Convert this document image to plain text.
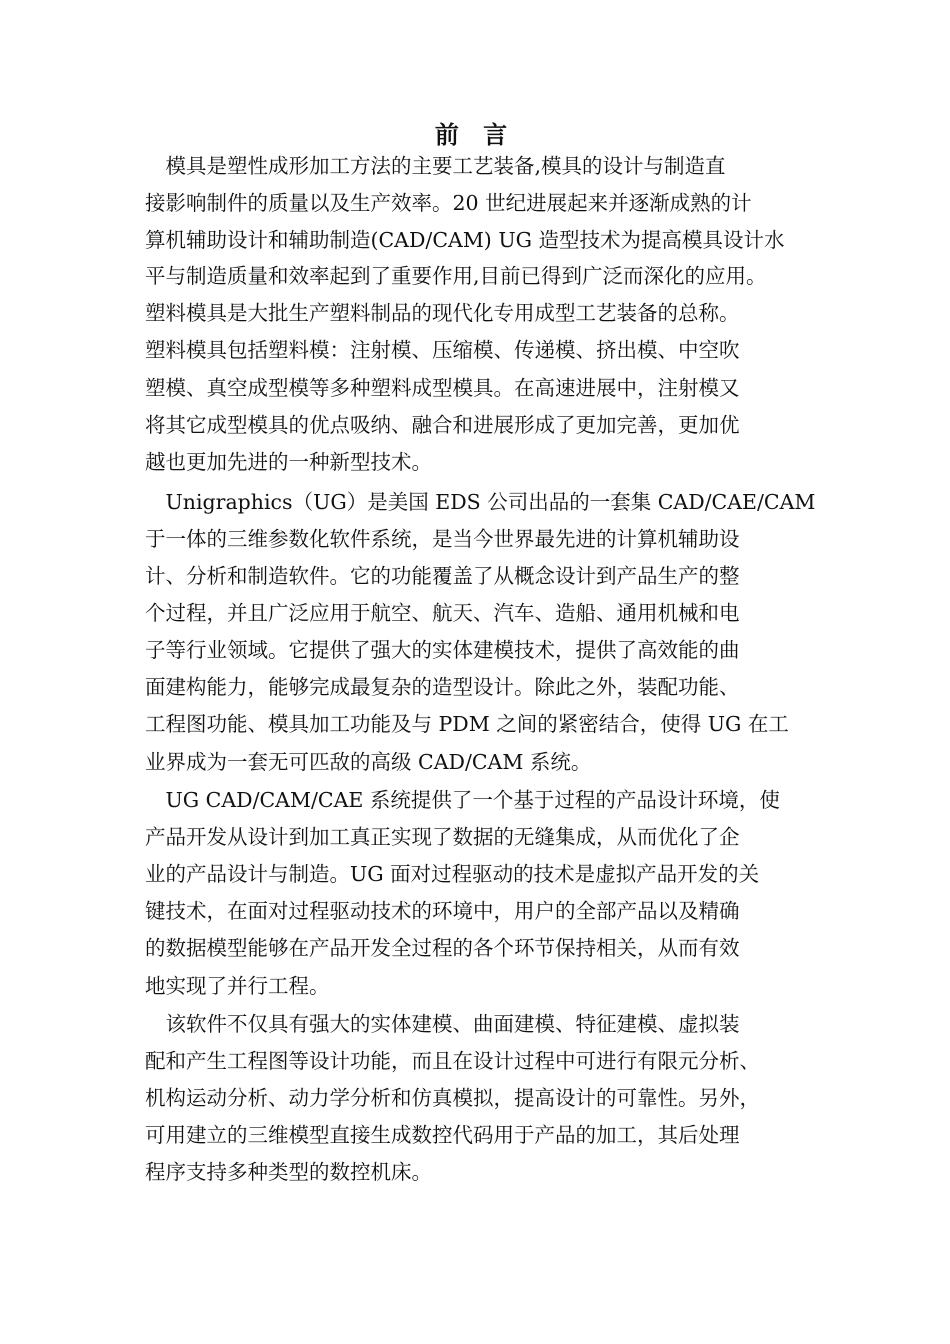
前 言
　模具是塑性成形加工方法的主要工艺装备,模具的设计与制造直
接影响制件的质量以及生产效率。20 世纪进展起来并逐渐成熟的计
算机辅助设计和辅助制造(CAD/CAM) UG 造型技术为提高模具设计水
平与制造质量和效率起到了重要作用,目前已得到广泛而深化的应用。
塑料模具是大批生产塑料制品的现代化专用成型工艺装备的总称。
塑料模具包括塑料模：注射模、压缩模、传递模、挤出模、中空吹
塑模、真空成型模等多种塑料成型模具。在高速进展中，注射模又
将其它成型模具的优点吸纳、融合和进展形成了更加完善，更加优
越也更加先进的一种新型技术。
　Unigraphics（UG）是美国 EDS 公司出品的一套集 CAD/CAE/CAM
于一体的三维参数化软件系统，是当今世界最先进的计算机辅助设
计、分析和制造软件。它的功能覆盖了从概念设计到产品生产的整
个过程，并且广泛应用于航空、航天、汽车、造船、通用机械和电
子等行业领域。它提供了强大的实体建模技术，提供了高效能的曲
面建构能力，能够完成最复杂的造型设计。除此之外，装配功能、
工程图功能、模具加工功能及与 PDM 之间的紧密结合，使得 UG 在工
业界成为一套无可匹敌的高级 CAD/CAM 系统。
　UG CAD/CAM/CAE 系统提供了一个基于过程的产品设计环境，使
产品开发从设计到加工真正实现了数据的无缝集成，从而优化了企
业的产品设计与制造。UG 面对过程驱动的技术是虚拟产品开发的关
键技术，在面对过程驱动技术的环境中，用户的全部产品以及精确
的数据模型能够在产品开发全过程的各个环节保持相关，从而有效
地实现了并行工程。
　该软件不仅具有强大的实体建模、曲面建模、特征建模、虚拟装
配和产生工程图等设计功能，而且在设计过程中可进行有限元分析、
机构运动分析、动力学分析和仿真模拟，提高设计的可靠性。另外，
可用建立的三维模型直接生成数控代码用于产品的加工，其后处理
程序支持多种类型的数控机床。
